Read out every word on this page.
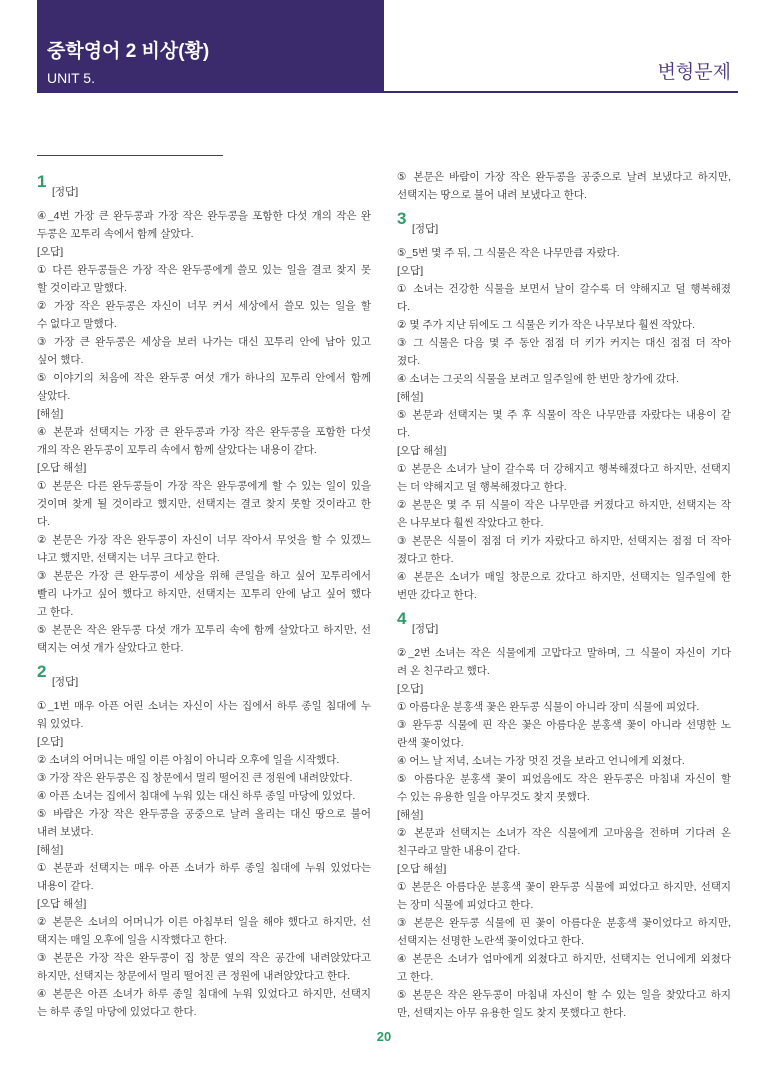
중학영어 2 비상(황)
UNIT 5.	변형문제
1
[정답]
④_4번 가장 큰 완두콩과 가장 작은 완두콩을 포함한 다섯 개의 작은 완
두콩은 꼬투리 속에서 함께 살았다.
[오답]
① 다른 완두콩들은 가장 작은 완두콩에게 쓸모 있는 일을 결코 찾지 못
할 것이라고 말했다.
② 가장 작은 완두콩은 자신이 너무 커서 세상에서 쓸모 있는 일을 할
수 없다고 말했다.
③ 가장 큰 완두콩은 세상을 보러 나가는 대신 꼬투리 안에 남아 있고
싶어 했다.
⑤ 이야기의 처음에 작은 완두콩 여섯 개가 하나의 꼬투리 안에서 함께
살았다.
[해설]
④ 본문과 선택지는 가장 큰 완두콩과 가장 작은 완두콩을 포함한 다섯
개의 작은 완두콩이 꼬투리 속에서 함께 살았다는 내용이 같다.
[오답 해설]
① 본문은 다른 완두콩들이 가장 작은 완두콩에게 할 수 있는 일이 있을
것이며 찾게 될 것이라고 했지만, 선택지는 결코 찾지 못할 것이라고 한
다.
② 본문은 가장 작은 완두콩이 자신이 너무 작아서 무엇을 할 수 있겠느
냐고 했지만, 선택지는 너무 크다고 한다.
③ 본문은 가장 큰 완두콩이 세상을 위해 큰일을 하고 싶어 꼬투리에서
빨리 나가고 싶어 했다고 하지만, 선택지는 꼬투리 안에 남고 싶어 했다
고 한다.
⑤ 본문은 작은 완두콩 다섯 개가 꼬투리 속에 함께 살았다고 하지만, 선
택지는 여섯 개가 살았다고 한다.
2
[정답]
①_1번 매우 아픈 어린 소녀는 자신이 사는 집에서 하루 종일 침대에 누
워 있었다.
[오답]
② 소녀의 어머니는 매일 이른 아침이 아니라 오후에 일을 시작했다.
③ 가장 작은 완두콩은 집 창문에서 멀리 떨어진 큰 정원에 내려앉았다.
④ 아픈 소녀는 집에서 침대에 누워 있는 대신 하루 종일 마당에 있었다.
⑤ 바람은 가장 작은 완두콩을 공중으로 날려 올리는 대신 땅으로 불어
내려 보냈다.
[해설]
① 본문과 선택지는 매우 아픈 소녀가 하루 종일 침대에 누워 있었다는
내용이 같다.
[오답 해설]
② 본문은 소녀의 어머니가 이른 아침부터 일을 해야 했다고 하지만, 선
택지는 매일 오후에 일을 시작했다고 한다.
③ 본문은 가장 작은 완두콩이 집 창문 옆의 작은 공간에 내려앉았다고
하지만, 선택지는 창문에서 멀리 떨어진 큰 정원에 내려앉았다고 한다.
④ 본문은 아픈 소녀가 하루 종일 침대에 누워 있었다고 하지만, 선택지
는 하루 종일 마당에 있었다고 한다.
⑤ 본문은 바람이 가장 작은 완두콩을 공중으로 날려 보냈다고 하지만,
선택지는 땅으로 불어 내려 보냈다고 한다.
3
[정답]
⑤_5번 몇 주 뒤, 그 식물은 작은 나무만큼 자랐다.
[오답]
① 소녀는 건강한 식물을 보면서 날이 갈수록 더 약해지고 덜 행복해졌
다.
② 몇 주가 지난 뒤에도 그 식물은 키가 작은 나무보다 훨씬 작았다.
③ 그 식물은 다음 몇 주 동안 점점 더 키가 커지는 대신 점점 더 작아
졌다.
④ 소녀는 그곳의 식물을 보려고 일주일에 한 번만 창가에 갔다.
[해설]
⑤ 본문과 선택지는 몇 주 후 식물이 작은 나무만큼 자랐다는 내용이 같
다.
[오답 해설]
① 본문은 소녀가 날이 갈수록 더 강해지고 행복해졌다고 하지만, 선택지
는 더 약해지고 덜 행복해졌다고 한다.
② 본문은 몇 주 뒤 식물이 작은 나무만큼 커졌다고 하지만, 선택지는 작
은 나무보다 훨씬 작았다고 한다.
③ 본문은 식물이 점점 더 키가 자랐다고 하지만, 선택지는 점점 더 작아
졌다고 한다.
④ 본문은 소녀가 매일 창문으로 갔다고 하지만, 선택지는 일주일에 한
번만 갔다고 한다.
4
[정답]
②_2번 소녀는 작은 식물에게 고맙다고 말하며, 그 식물이 자신이 기다
려 온 친구라고 했다.
[오답]
① 아름다운 분홍색 꽃은 완두콩 식물이 아니라 장미 식물에 피었다.
③ 완두콩 식물에 핀 작은 꽃은 아름다운 분홍색 꽃이 아니라 선명한 노
란색 꽃이었다.
④ 어느 날 저녁, 소녀는 가장 멋진 것을 보라고 언니에게 외쳤다.
⑤ 아름다운 분홍색 꽃이 피었음에도 작은 완두콩은 마침내 자신이 할
수 있는 유용한 일을 아무것도 찾지 못했다.
[해설]
② 본문과 선택지는 소녀가 작은 식물에게 고마움을 전하며 기다려 온
친구라고 말한 내용이 같다.
[오답 해설]
① 본문은 아름다운 분홍색 꽃이 완두콩 식물에 피었다고 하지만, 선택지
는 장미 식물에 피었다고 한다.
③ 본문은 완두콩 식물에 핀 꽃이 아름다운 분홍색 꽃이었다고 하지만,
선택지는 선명한 노란색 꽃이었다고 한다.
④ 본문은 소녀가 엄마에게 외쳤다고 하지만, 선택지는 언니에게 외쳤다
고 한다.
⑤ 본문은 작은 완두콩이 마침내 자신이 할 수 있는 일을 찾았다고 하지
만, 선택지는 아무 유용한 일도 찾지 못했다고 한다.
20
